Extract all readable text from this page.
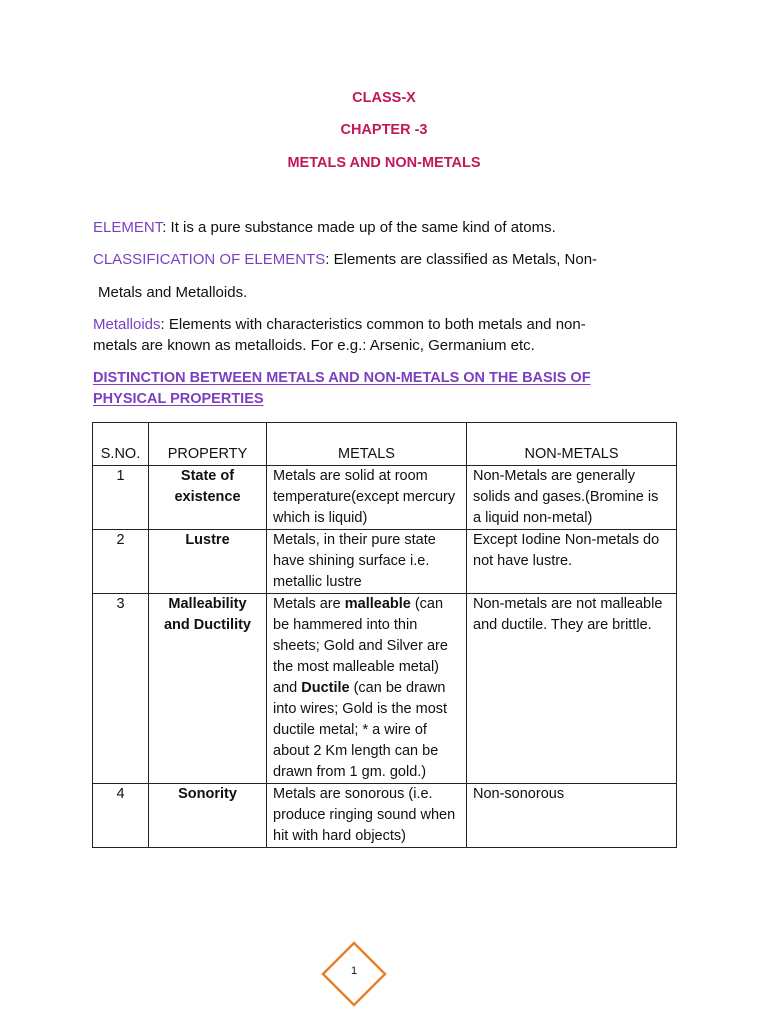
CLASS-X
CHAPTER -3
METALS AND NON-METALS
ELEMENT: It is a pure substance made up of the same kind of atoms.
CLASSIFICATION OF ELEMENTS: Elements are classified as Metals, Non-
Metals and Metalloids.
Metalloids: Elements with characteristics common to both metals and non-
metals are known as metalloids. For e.g.: Arsenic, Germanium etc.
DISTINCTION BETWEEN METALS AND NON-METALS ON THE BASIS OF
PHYSICAL PROPERTIES
S.NO.	PROPERTY	METALS	NON-METALS
1	State of existence	Metals are solid at room temperature(except mercury which is liquid)	Non-Metals are generally solids and gases.(Bromine is a liquid non-metal)
2	Lustre	Metals, in their pure state have shining surface i.e. metallic lustre	Except Iodine Non-metals do not have lustre.
3	Malleability and Ductility	Metals are malleable (can be hammered into thin sheets; Gold and Silver are the most malleable metal) and Ductile (can be drawn into wires; Gold is the most ductile metal; * a wire of about 2 Km length can be drawn from 1 gm. gold.)	Non-metals are not malleable and ductile. They are brittle.
4	Sonority	Metals are sonorous (i.e. produce ringing sound when hit with hard objects)	Non-sonorous
1
